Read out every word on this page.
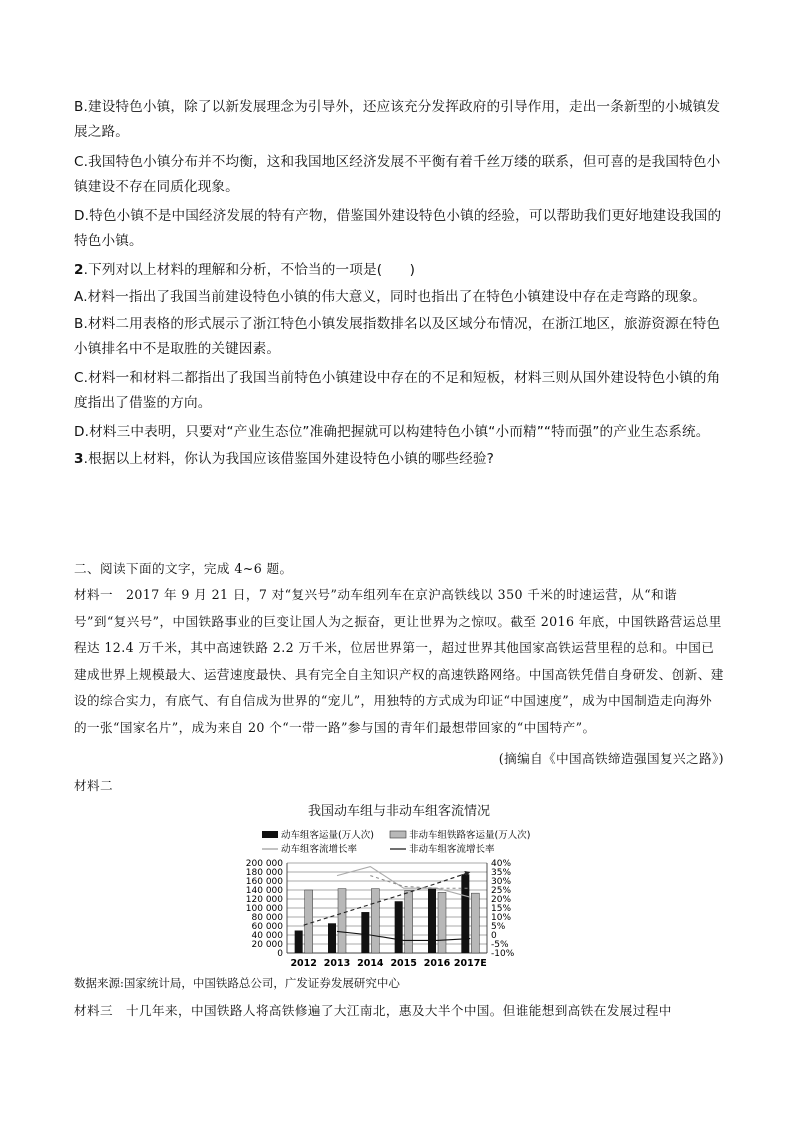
B.建设特色小镇，除了以新发展理念为引导外，还应该充分发挥政府的引导作用，走出一条新型的小城镇发展之路。
C.我国特色小镇分布并不均衡，这和我国地区经济发展不平衡有着千丝万缕的联系，但可喜的是我国特色小镇建设不存在同质化现象。
D.特色小镇不是中国经济发展的特有产物，借鉴国外建设特色小镇的经验，可以帮助我们更好地建设我国的特色小镇。
2.下列对以上材料的理解和分析，不恰当的一项是(　　)
A.材料一指出了我国当前建设特色小镇的伟大意义，同时也指出了在特色小镇建设中存在走弯路的现象。
B.材料二用表格的形式展示了浙江特色小镇发展指数排名以及区域分布情况，在浙江地区，旅游资源在特色小镇排名中不是取胜的关键因素。
C.材料一和材料二都指出了我国当前特色小镇建设中存在的不足和短板，材料三则从国外建设特色小镇的角度指出了借鉴的方向。
D.材料三中表明，只要对“产业生态位”准确把握就可以构建特色小镇“小而精”“特而强”的产业生态系统。
3.根据以上材料，你认为我国应该借鉴国外建设特色小镇的哪些经验?
二、阅读下面的文字，完成 4~6 题。
材料一　2017 年 9 月 21 日，7 对“复兴号”动车组列车在京沪高铁线以 350 千米的时速运营，从“和谐号”到“复兴号”，中国铁路事业的巨变让国人为之振奋，更让世界为之惊叹。截至 2016 年底，中国铁路营运总里程达 12.4 万千米，其中高速铁路 2.2 万千米，位居世界第一，超过世界其他国家高铁运营里程的总和。中国已建成世界上规模最大、运营速度最快、具有完全自主知识产权的高速铁路网络。中国高铁凭借自身研发、创新、建设的综合实力，有底气、有自信成为世界的“宠儿”，用独特的方式成为印证“中国速度”，成为中国制造走向海外的一张“国家名片”，成为来自 20 个“一带一路”参与国的青年们最想带回家的“中国特产”。
(摘编自《中国高铁缔造强国复兴之路》)
材料二
我国动车组与非动车组客流情况
动车组客运量(万人次)	非动车组铁路客运量(万人次)
动车组客流增长率	非动车组客流增长率
0
20 000
40 000
60 000
80 000
100 000
120 000
140 000
160 000
180 000
200 000
-10%
-5%
0
5%
10%
15%
20%
25%
30%
35%
40%
2012 2013 2014 2015 2016 2017E
数据来源:国家统计局，中国铁路总公司，广发证券发展研究中心
材料三　十几年来，中国铁路人将高铁修遍了大江南北，惠及大半个中国。但谁能想到高铁在发展过程中
